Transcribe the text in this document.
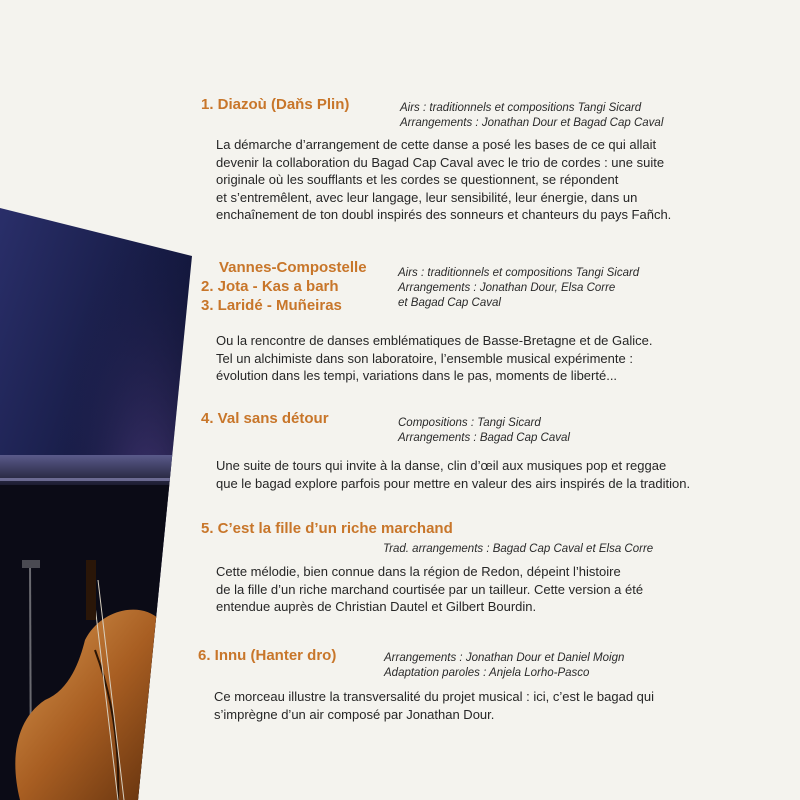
1. Diazoù (Daňs Plin)	Airs : traditionnels et compositions Tangi Sicard
Arrangements : Jonathan Dour et Bagad Cap Caval
La démarche d’arrangement de cette danse a posé les bases de ce qui allait
devenir la collaboration du Bagad Cap Caval avec le trio de cordes : une suite
originale où les soufflants et les cordes se questionnent, se répondent
et s’entremêlent, avec leur langage, leur sensibilité, leur énergie, dans un
enchaînement de ton doubl inspirés des sonneurs et chanteurs du pays Fañch.
Vannes-Compostelle
2. Jota - Kas a barh
3. Laridé - Muñeiras
Airs : traditionnels et compositions Tangi Sicard
Arrangements : Jonathan Dour, Elsa Corre
et Bagad Cap Caval
Ou la rencontre de danses emblématiques de Basse-Bretagne et de Galice.
Tel un alchimiste dans son laboratoire, l’ensemble musical expérimente :
évolution dans les tempi, variations dans le pas, moments de liberté...
4. Val sans détour	Compositions : Tangi Sicard
Arrangements : Bagad Cap Caval
Une suite de tours qui invite à la danse, clin d’œil aux musiques pop et reggae
que le bagad explore parfois pour mettre en valeur des airs inspirés de la tradition.
5. C’est la fille d’un riche marchand
Trad. arrangements : Bagad Cap Caval et Elsa Corre
Cette mélodie, bien connue dans la région de Redon, dépeint l’histoire
de la fille d’un riche marchand courtisée par un tailleur. Cette version a été
entendue auprès de Christian Dautel et Gilbert Bourdin.
6. Innu (Hanter dro)	Arrangements : Jonathan Dour et Daniel Moign
Adaptation paroles : Anjela Lorho-Pasco
Ce morceau illustre la transversalité du projet musical : ici, c’est le bagad qui
s’imprègne d’un air composé par Jonathan Dour.
